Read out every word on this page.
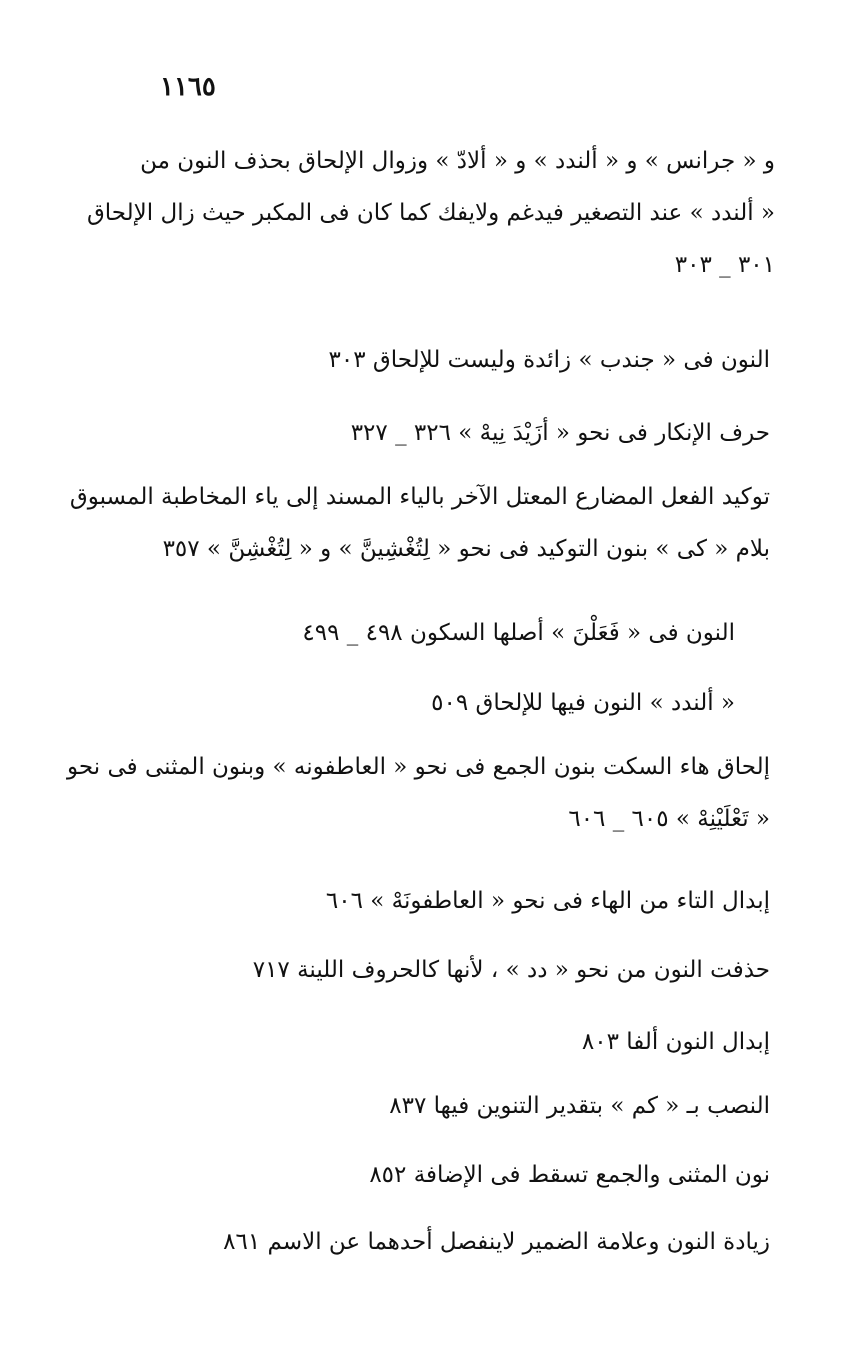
١١٦٥
و « جرانس » و « ألندد » و « ألادّ » وزوال الإلحاق بحذف النون من
« ألندد » عند التصغير فيدغم ولايفك كما كان فى المكبر حيث زال الإلحاق
٣٠١ _ ٣٠٣
النون فى « جندب » زائدة وليست للإلحاق ٣٠٣
حرف الإنكار فى نحو « أزَيْدَ نِيهْ » ٣٢٦ _ ٣٢٧
توكيد الفعل المضارع المعتل الآخر بالياء المسند إلى ياء المخاطبة المسبوق
بلام « كى » بنون التوكيد فى نحو « لِتُغْشِينَّ » و « لِتُغْشِنَّ » ٣٥٧
النون فى « فَعَلْنَ » أصلها السكون ٤٩٨ _ ٤٩٩
« ألندد » النون فيها للإلحاق ٥٠٩
إلحاق هاء السكت بنون الجمع فى نحو « العاطفونه » وبنون المثنى فى نحو
« تَعْلَيْنِهْ » ٦٠٥ _ ٦٠٦
إبدال التاء من الهاء فى نحو « العاطفونَهْ » ٦٠٦
حذفت النون من نحو « دد » ، لأنها كالحروف اللينة ٧١٧
إبدال النون ألفا ٨٠٣
النصب بـ « كم » بتقدير التنوين فيها ٨٣٧
نون المثنى والجمع تسقط فى الإضافة ٨٥٢
زيادة النون وعلامة الضمير لاينفصل أحدهما عن الاسم ٨٦١
